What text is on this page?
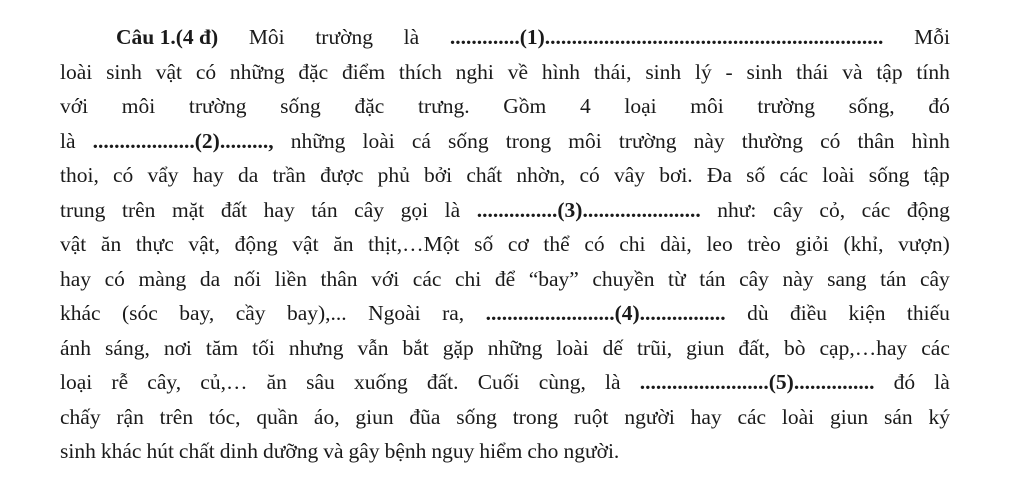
Câu 1.(4 đ) Môi trường là .............(1)............................................................... Mỗi
loài sinh vật có những đặc điểm thích nghi về hình thái, sinh lý - sinh thái và tập tính
với môi trường sống đặc trưng. Gồm 4 loại môi trường sống, đó
là ...................(2)........., những loài cá sống trong môi trường này thường có thân hình
thoi, có vẩy hay da trần được phủ bởi chất nhờn, có vây bơi. Đa số các loài sống tập
trung trên mặt đất hay tán cây gọi là ...............(3)...................... như: cây cỏ, các động
vật ăn thực vật, động vật ăn thịt,…Một số cơ thể có chi dài, leo trèo giỏi (khỉ, vượn)
hay có màng da nối liền thân với các chi để “bay” chuyền từ tán cây này sang tán cây
khác (sóc bay, cầy bay),... Ngoài ra, ........................(4)................ dù điều kiện thiếu
ánh sáng, nơi tăm tối nhưng vẫn bắt gặp những loài dế trũi, giun đất, bò cạp,…hay các
loại rễ cây, củ,… ăn sâu xuống đất. Cuối cùng, là ........................(5)............... đó là
chấy rận trên tóc, quần áo, giun đũa sống trong ruột người hay các loài giun sán ký
sinh khác hút chất dinh dưỡng và gây bệnh nguy hiểm cho người.
